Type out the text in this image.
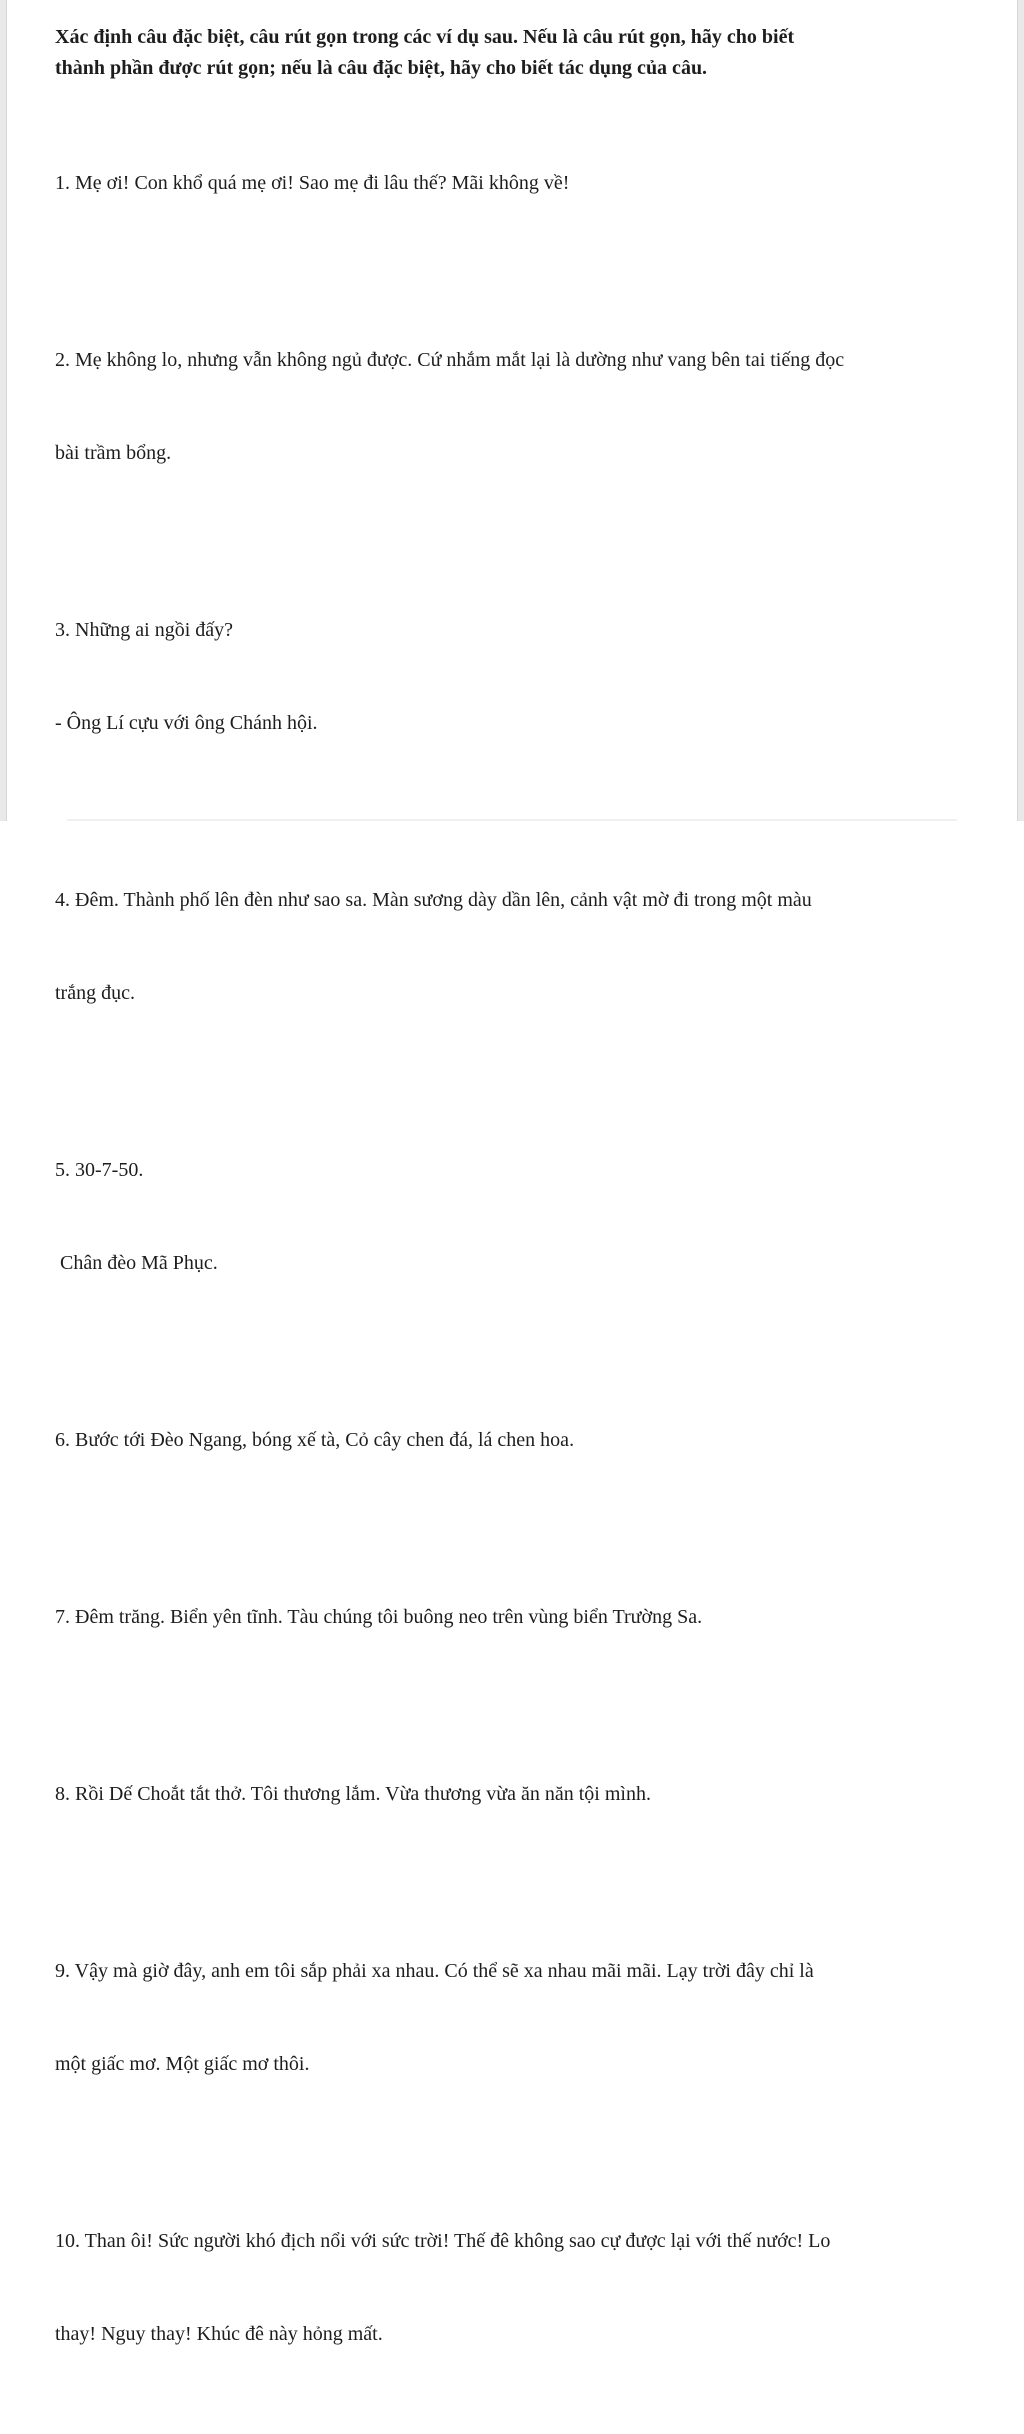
Xác định câu đặc biệt, câu rút gọn trong các ví dụ sau. Nếu là câu rút gọn, hãy cho biết
thành phần được rút gọn; nếu là câu đặc biệt, hãy cho biết tác dụng của câu.

1. Mẹ ơi! Con khổ quá mẹ ơi! Sao mẹ đi lâu thế? Mãi không về!

2. Mẹ không lo, nhưng vẫn không ngủ được. Cứ nhắm mắt lại là dường như vang bên tai tiếng đọc

bài trầm bổng.

3. Những ai ngồi đấy?

- Ông Lí cựu với ông Chánh hội.

4. Đêm. Thành phố lên đèn như sao sa. Màn sương dày dần lên, cảnh vật mờ đi trong một màu

trắng đục.

5. 30-7-50.

Chân đèo Mã Phục.

6. Bước tới Đèo Ngang, bóng xế tà, Cỏ cây chen đá, lá chen hoa.

7. Đêm trăng. Biển yên tĩnh. Tàu chúng tôi buông neo trên vùng biển Trường Sa.

8. Rồi Dế Choắt tắt thở. Tôi thương lắm. Vừa thương vừa ăn năn tội mình.

9. Vậy mà giờ đây, anh em tôi sắp phải xa nhau. Có thể sẽ xa nhau mãi mãi. Lạy trời đây chỉ là

một giấc mơ. Một giấc mơ thôi.

10. Than ôi! Sức người khó địch nổi với sức trời! Thế đê không sao cự được lại với thế nước! Lo

thay! Nguy thay! Khúc đê này hỏng mất.
